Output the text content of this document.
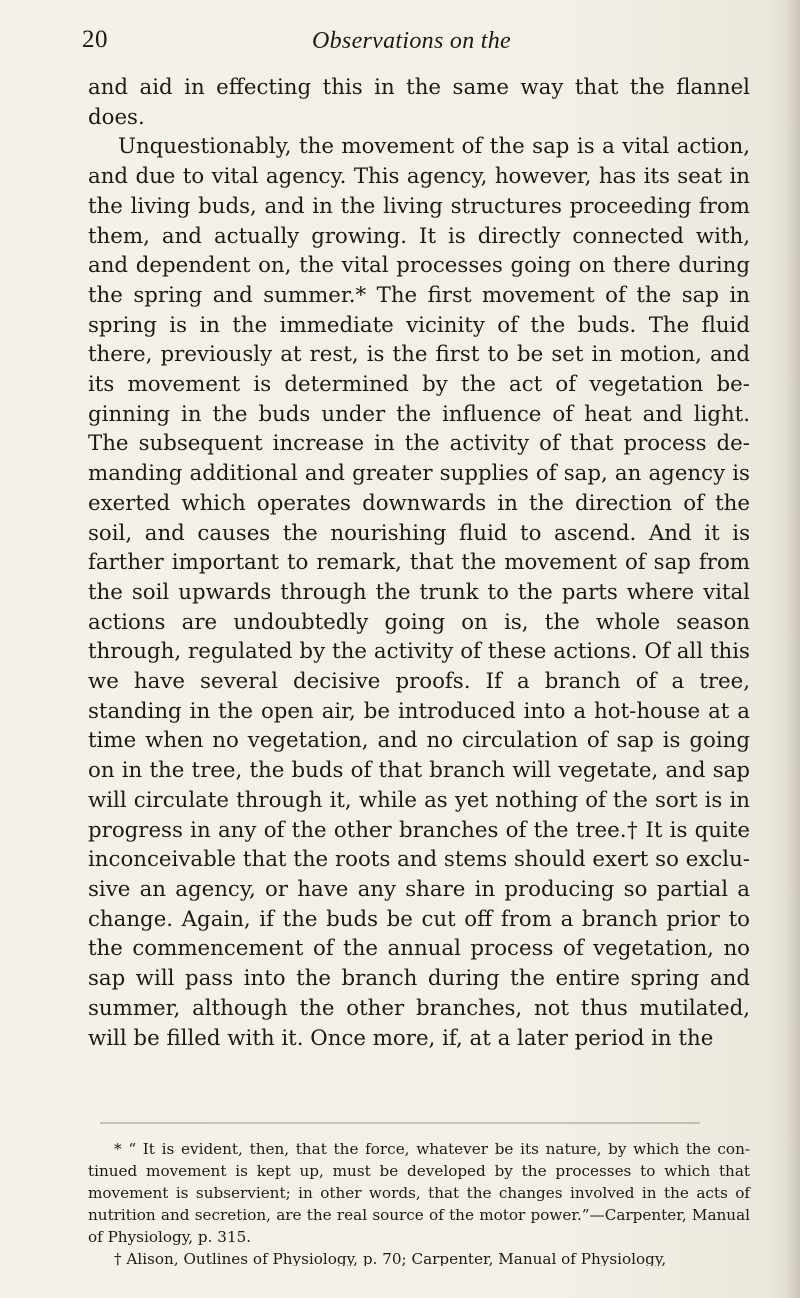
20	Observations on the

and aid in effecting this in the same way that the flannel does.

Unquestionably, the movement of the sap is a vital action, and due to vital agency. This agency, however, has its seat in the living buds, and in the living structures proceeding from them, and actually growing. It is directly connected with, and dependent on, the vital processes going on there during the spring and summer.* The first movement of the sap in spring is in the immediate vicinity of the buds. The fluid there, previously at rest, is the first to be set in motion, and its movement is determined by the act of vegetation beginning in the buds under the influence of heat and light. The subsequent increase in the activity of that process demanding additional and greater supplies of sap, an agency is exerted which operates downwards in the direction of the soil, and causes the nourishing fluid to ascend. And it is farther important to remark, that the movement of sap from the soil upwards through the trunk to the parts where vital actions are undoubtedly going on is, the whole season through, regulated by the activity of these actions. Of all this we have several decisive proofs. If a branch of a tree, standing in the open air, be introduced into a hot-house at a time when no vegetation, and no circulation of sap is going on in the tree, the buds of that branch will vegetate, and sap will circulate through it, while as yet nothing of the sort is in progress in any of the other branches of the tree.† It is quite inconceivable that the roots and stems should exert so exclusive an agency, or have any share in producing so partial a change. Again, if the buds be cut off from a branch prior to the commencement of the annual process of vegetation, no sap will pass into the branch during the entire spring and summer, although the other branches, not thus mutilated, will be filled with it. Once more, if, at a later period in the

* “ It is evident, then, that the force, whatever be its nature, by which the continued movement is kept up, must be developed by the processes to which that movement is subservient; in other words, that the changes involved in the acts of nutrition and secretion, are the real source of the motor power.”—Carpenter, Manual of Physiology, p. 315.

† Alison, Outlines of Physiology, p. 70; Carpenter, Manual of Physiology,
